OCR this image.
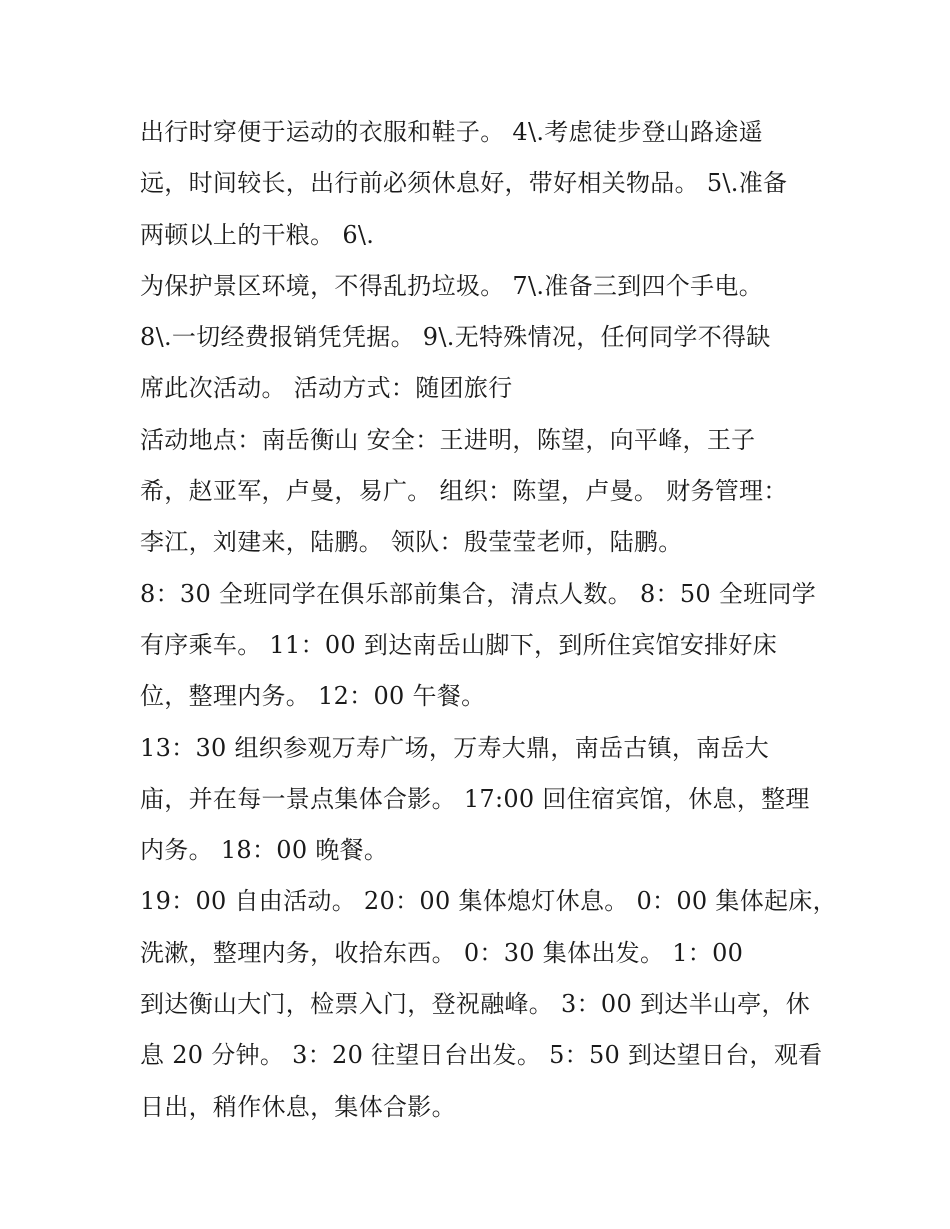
出行时穿便于运动的衣服和鞋子。 4\.考虑徒步登山路途遥
远，时间较长，出行前必须休息好，带好相关物品。 5\.准备
两顿以上的干粮。 6\.
为保护景区环境，不得乱扔垃圾。 7\.准备三到四个手电。
8\.一切经费报销凭凭据。 9\.无特殊情况，任何同学不得缺
席此次活动。 活动方式：随团旅行
活动地点：南岳衡山 安全：王进明，陈望，向平峰，王子
希，赵亚军，卢曼，易广。 组织：陈望，卢曼。 财务管理：
李江，刘建来，陆鹏。 领队：殷莹莹老师，陆鹏。
8：30 全班同学在俱乐部前集合，清点人数。 8：50 全班同学
有序乘车。 11：00 到达南岳山脚下，到所住宾馆安排好床
位，整理内务。 12：00 午餐。
13：30 组织参观万寿广场，万寿大鼎，南岳古镇，南岳大
庙，并在每一景点集体合影。 17:00 回住宿宾馆，休息，整理
内务。 18：00 晚餐。
19：00 自由活动。 20：00 集体熄灯休息。 0：00 集体起床，
洗漱，整理内务，收拾东西。 0：30 集体出发。 1：00
到达衡山大门，检票入门，登祝融峰。 3：00 到达半山亭，休
息 20 分钟。 3：20 往望日台出发。 5：50 到达望日台，观看
日出，稍作休息，集体合影。
